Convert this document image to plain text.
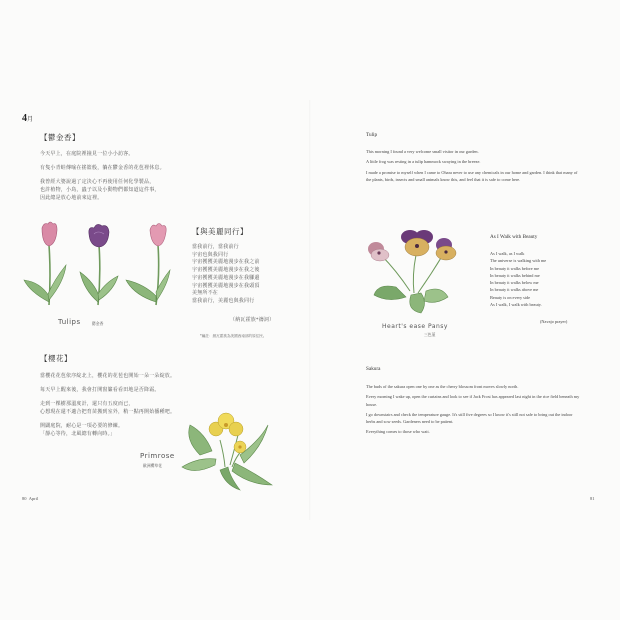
4月
【鬱金香】
今天早上，在庭院裡撞見一位小小訪客。
有隻小青蛙傳喻在搖籃般，躺在鬱金香的花苞裡休息。
我曾經大婆說過了定決心不再使用任何化學製品，
也許植物，小鳥，蟲子以及小動物們都知道這件事，
因此總是放心地前來這裡。
Tulips	鬱金香
【與美麗同行】
當我前行，當我前行
宇宙也與我同行
宇宙獲獲美麗地漫步在我之前
宇宙獲獲美麗地漫步在我之後
宇宙獲獲美麗地漫步在我腳邊
宇宙獲獲美麗地漫步在我頭頂
美無所不在
當我前行，美麗也與我同行
（納瓦霍族*禱詞）
*編註：納瓦霍族為美國西南部的原住民。
【櫻花】
當櫻花花苞依序綻北上，櫻花的花苞也開始一朵一朵綻放。
每天早上醒來後，我會打開窗簾看看田地是否降霜。
走到一棵樹那溫度計，還只有五度而已，
心想現在還不適合把育苗搬到室外，稍一點再開始播種吧。
開闢庭院，耐心是一項必要的修練。
「靜心等待，北風總有轉向時。」
Primrose
歐洲櫻草花
80 April
Tulip

This morning I found a very welcome small visitor in our garden.

A little frog was resting in a tulip hammock swaying in the breeze.

I made a promise to myself when I came to Ohara never to use any chemicals in our home and garden. I think that many of the plants, birds, insects and small animals know this, and feel that it is safe to come here.

Heart's ease Pansy
三色堇
As I Walk with Beauty
As I walk, as I walk
The universe is walking with me
In beauty it walks before me
In beauty it walks behind me
In beauty it walks below me
In beauty it walks above me
Beauty is on every side
As I walk, I walk with beauty.
(Navajo prayer)
Sakura

The buds of the sakura open one by one as the cherry blossom front moves slowly north.

Every morning I wake up, open the curtains and look to see if Jack Frost has appeared last night in the rice field beneath my house.

I go downstairs and check the temperature gauge. It's still five degrees so I know it's still not safe to bring out the indoor herbs and sow seeds. Gardeners need to be patient.

Everything comes to those who wait.

81
